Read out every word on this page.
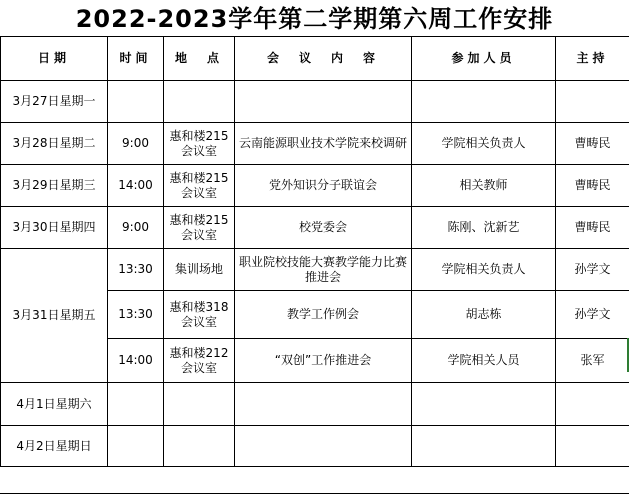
2022-2023学年第二学期第六周工作安排
日期	时间	地　点	会　议　内　容	参加人员	主持
3月27日星期一					
3月28日星期二	9:00	惠和楼215会议室	云南能源职业技术学院来校调研	学院相关负责人	曹畴民
3月29日星期三	14:00	惠和楼215会议室	党外知识分子联谊会	相关教师	曹畴民
3月30日星期四	9:00	惠和楼215会议室	校党委会	陈刚、沈新艺	曹畴民
3月31日星期五	13:30	集训场地	职业院校技能大赛教学能力比赛推进会	学院相关负责人	孙学文
	13:30	惠和楼318会议室	教学工作例会	胡志栋	孙学文
	14:00	惠和楼212会议室	“双创”工作推进会	学院相关人员	张军
4月1日星期六					
4月2日星期日					
